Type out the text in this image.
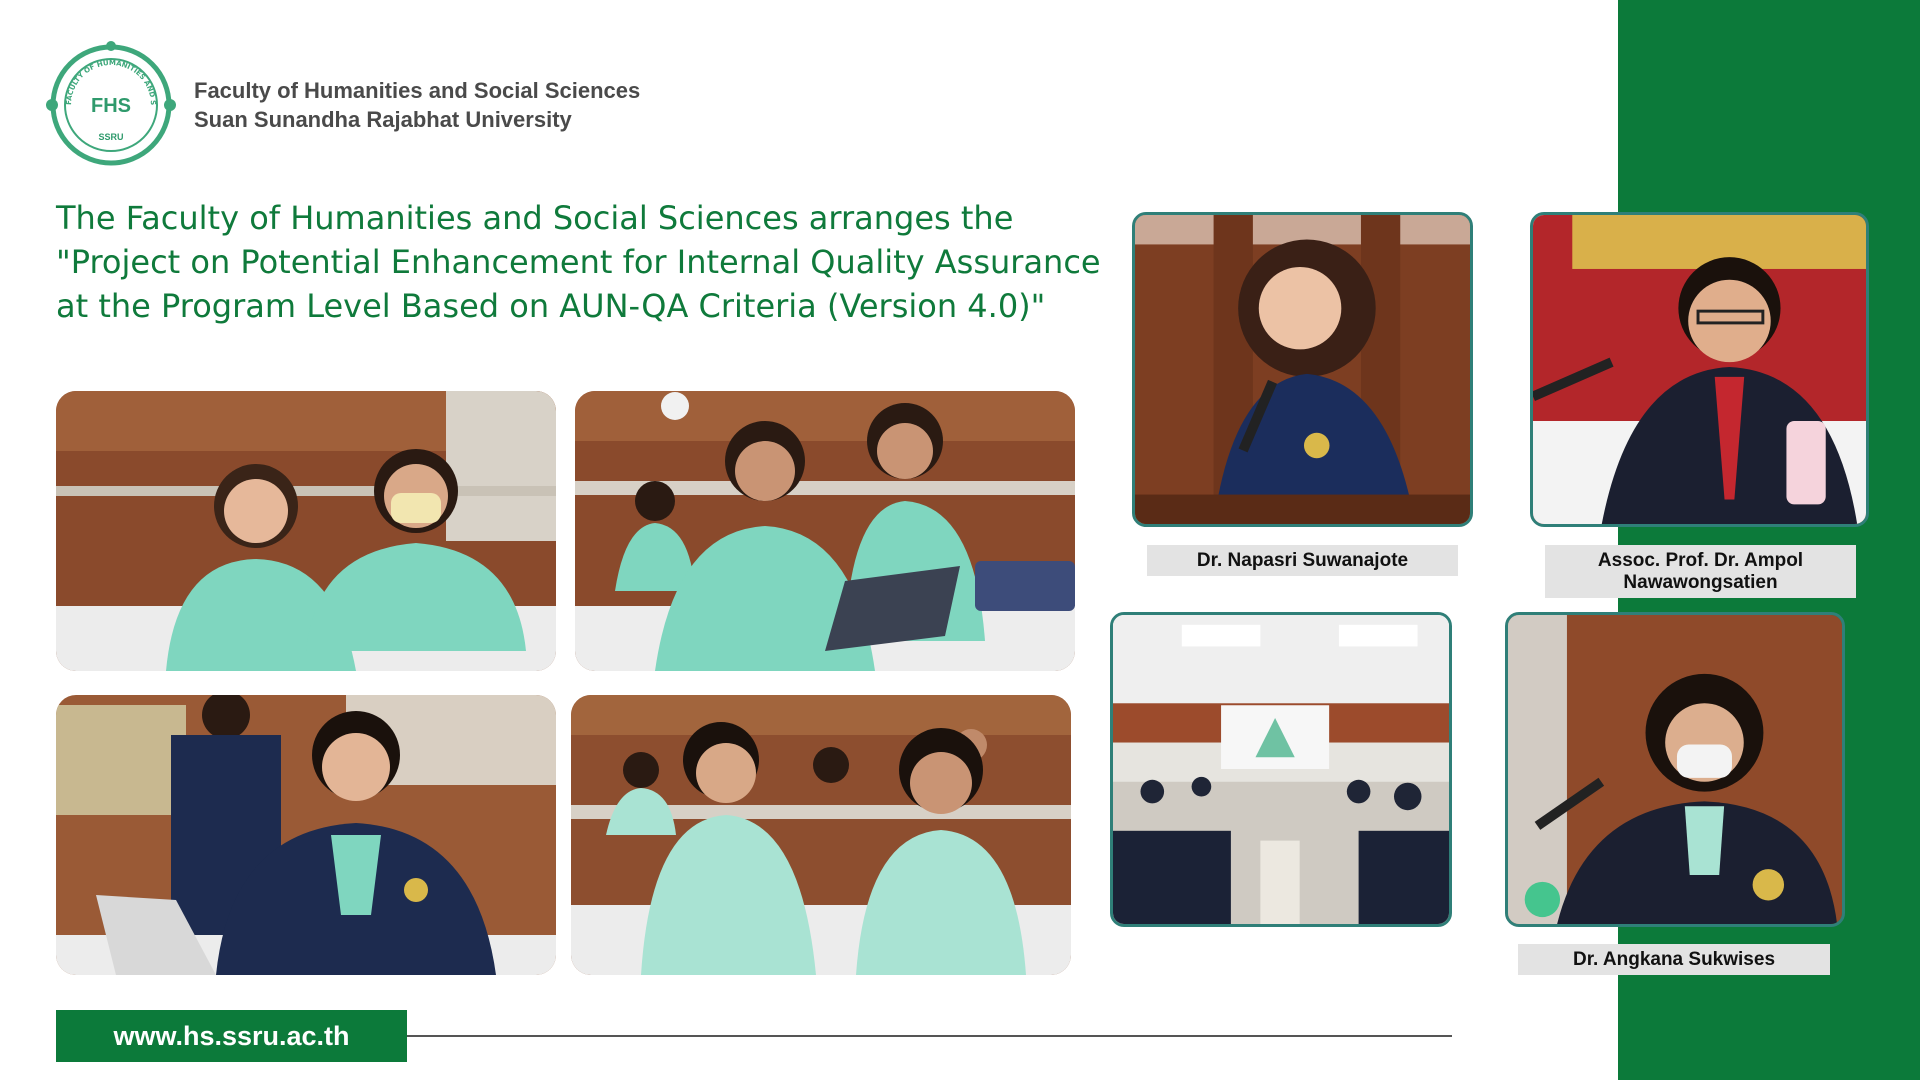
FACULTY OF HUMANITIES AND S
FHS
SSRU
Faculty of Humanities and Social Sciences
Suan Sunandha Rajabhat University
The Faculty of Humanities and Social Sciences arranges the
"Project on Potential Enhancement for Internal Quality Assurance
at the Program Level Based on AUN-QA Criteria (Version 4.0)"
Dr. Napasri Suwanajote	Assoc. Prof. Dr. Ampol
Nawawongsatien
Dr. Angkana Sukwises
www.hs.ssru.ac.th
